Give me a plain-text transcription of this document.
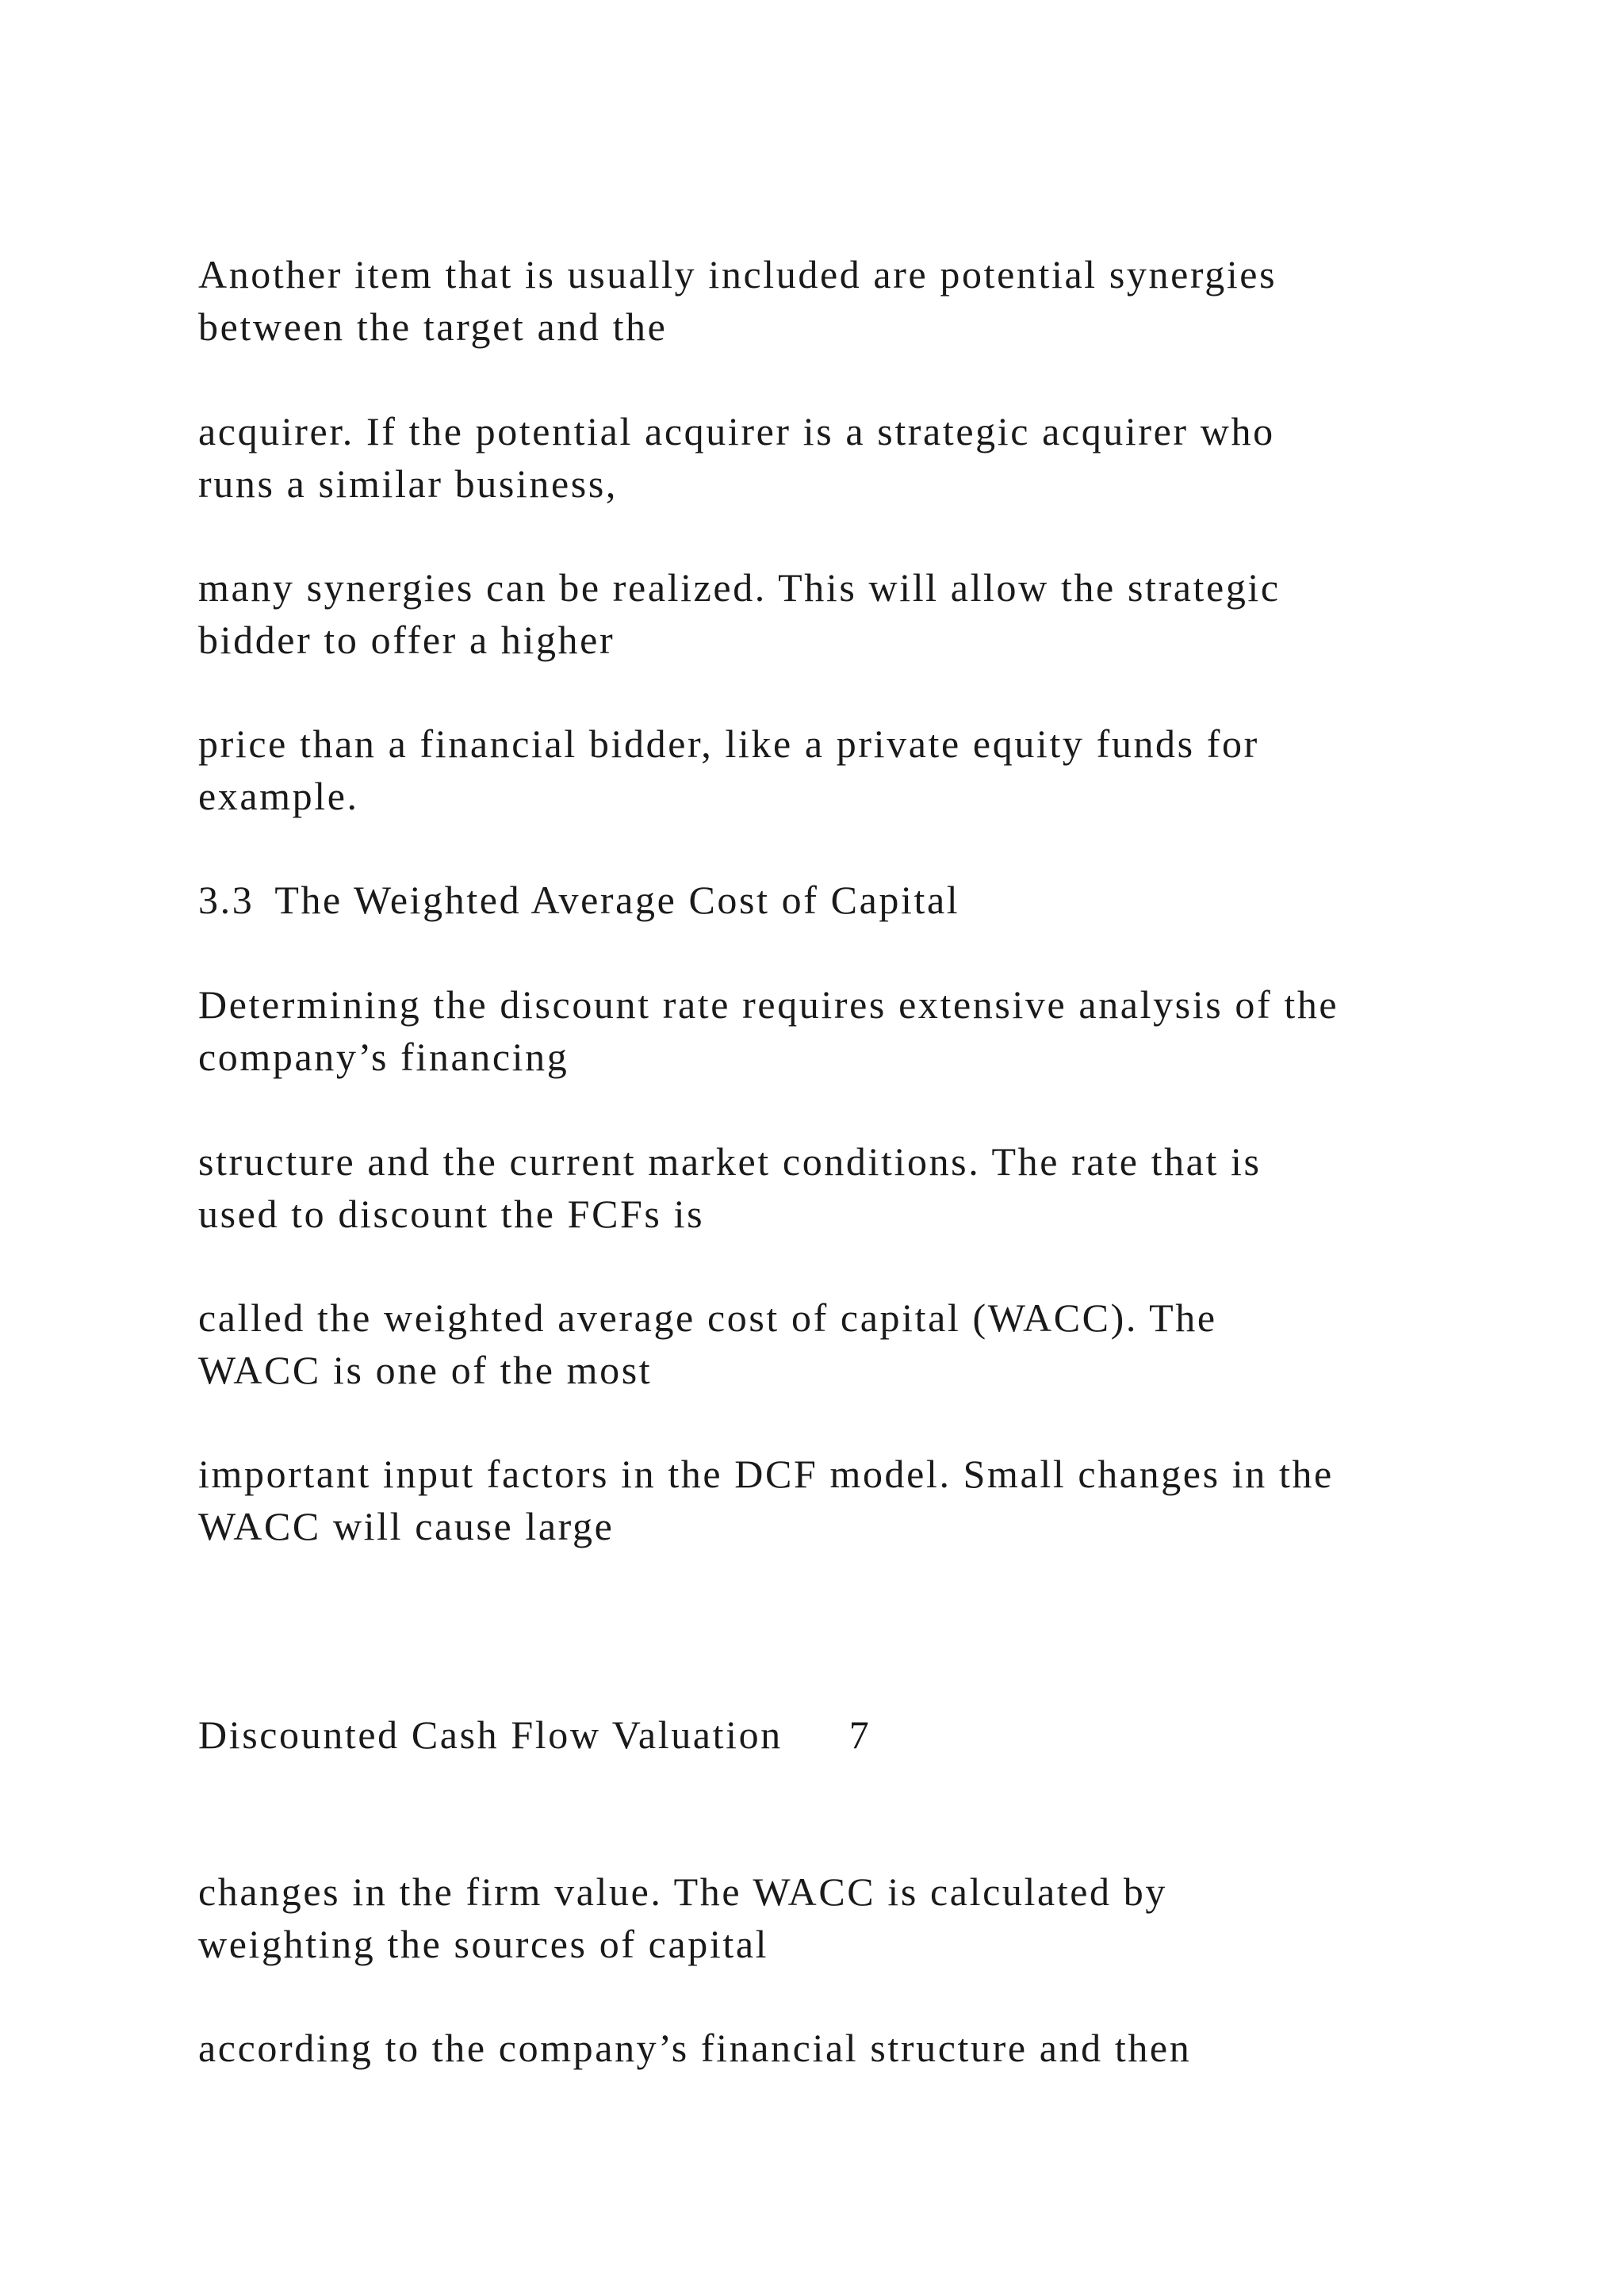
Another item that is usually included are potential synergies
between the target and the
acquirer. If the potential acquirer is a strategic acquirer who
runs a similar business,
many synergies can be realized. This will allow the strategic
bidder to offer a higher
price than a financial bidder, like a private equity funds for
example.
3.3 The Weighted Average Cost of Capital
Determining the discount rate requires extensive analysis of the
company’s financing
structure and the current market conditions. The rate that is
used to discount the FCFs is
called the weighted average cost of capital (WACC). The
WACC is one of the most
important input factors in the DCF model. Small changes in the
WACC will cause large
Discounted Cash Flow Valuation 7
changes in the firm value. The WACC is calculated by
weighting the sources of capital
according to the company’s financial structure and then
